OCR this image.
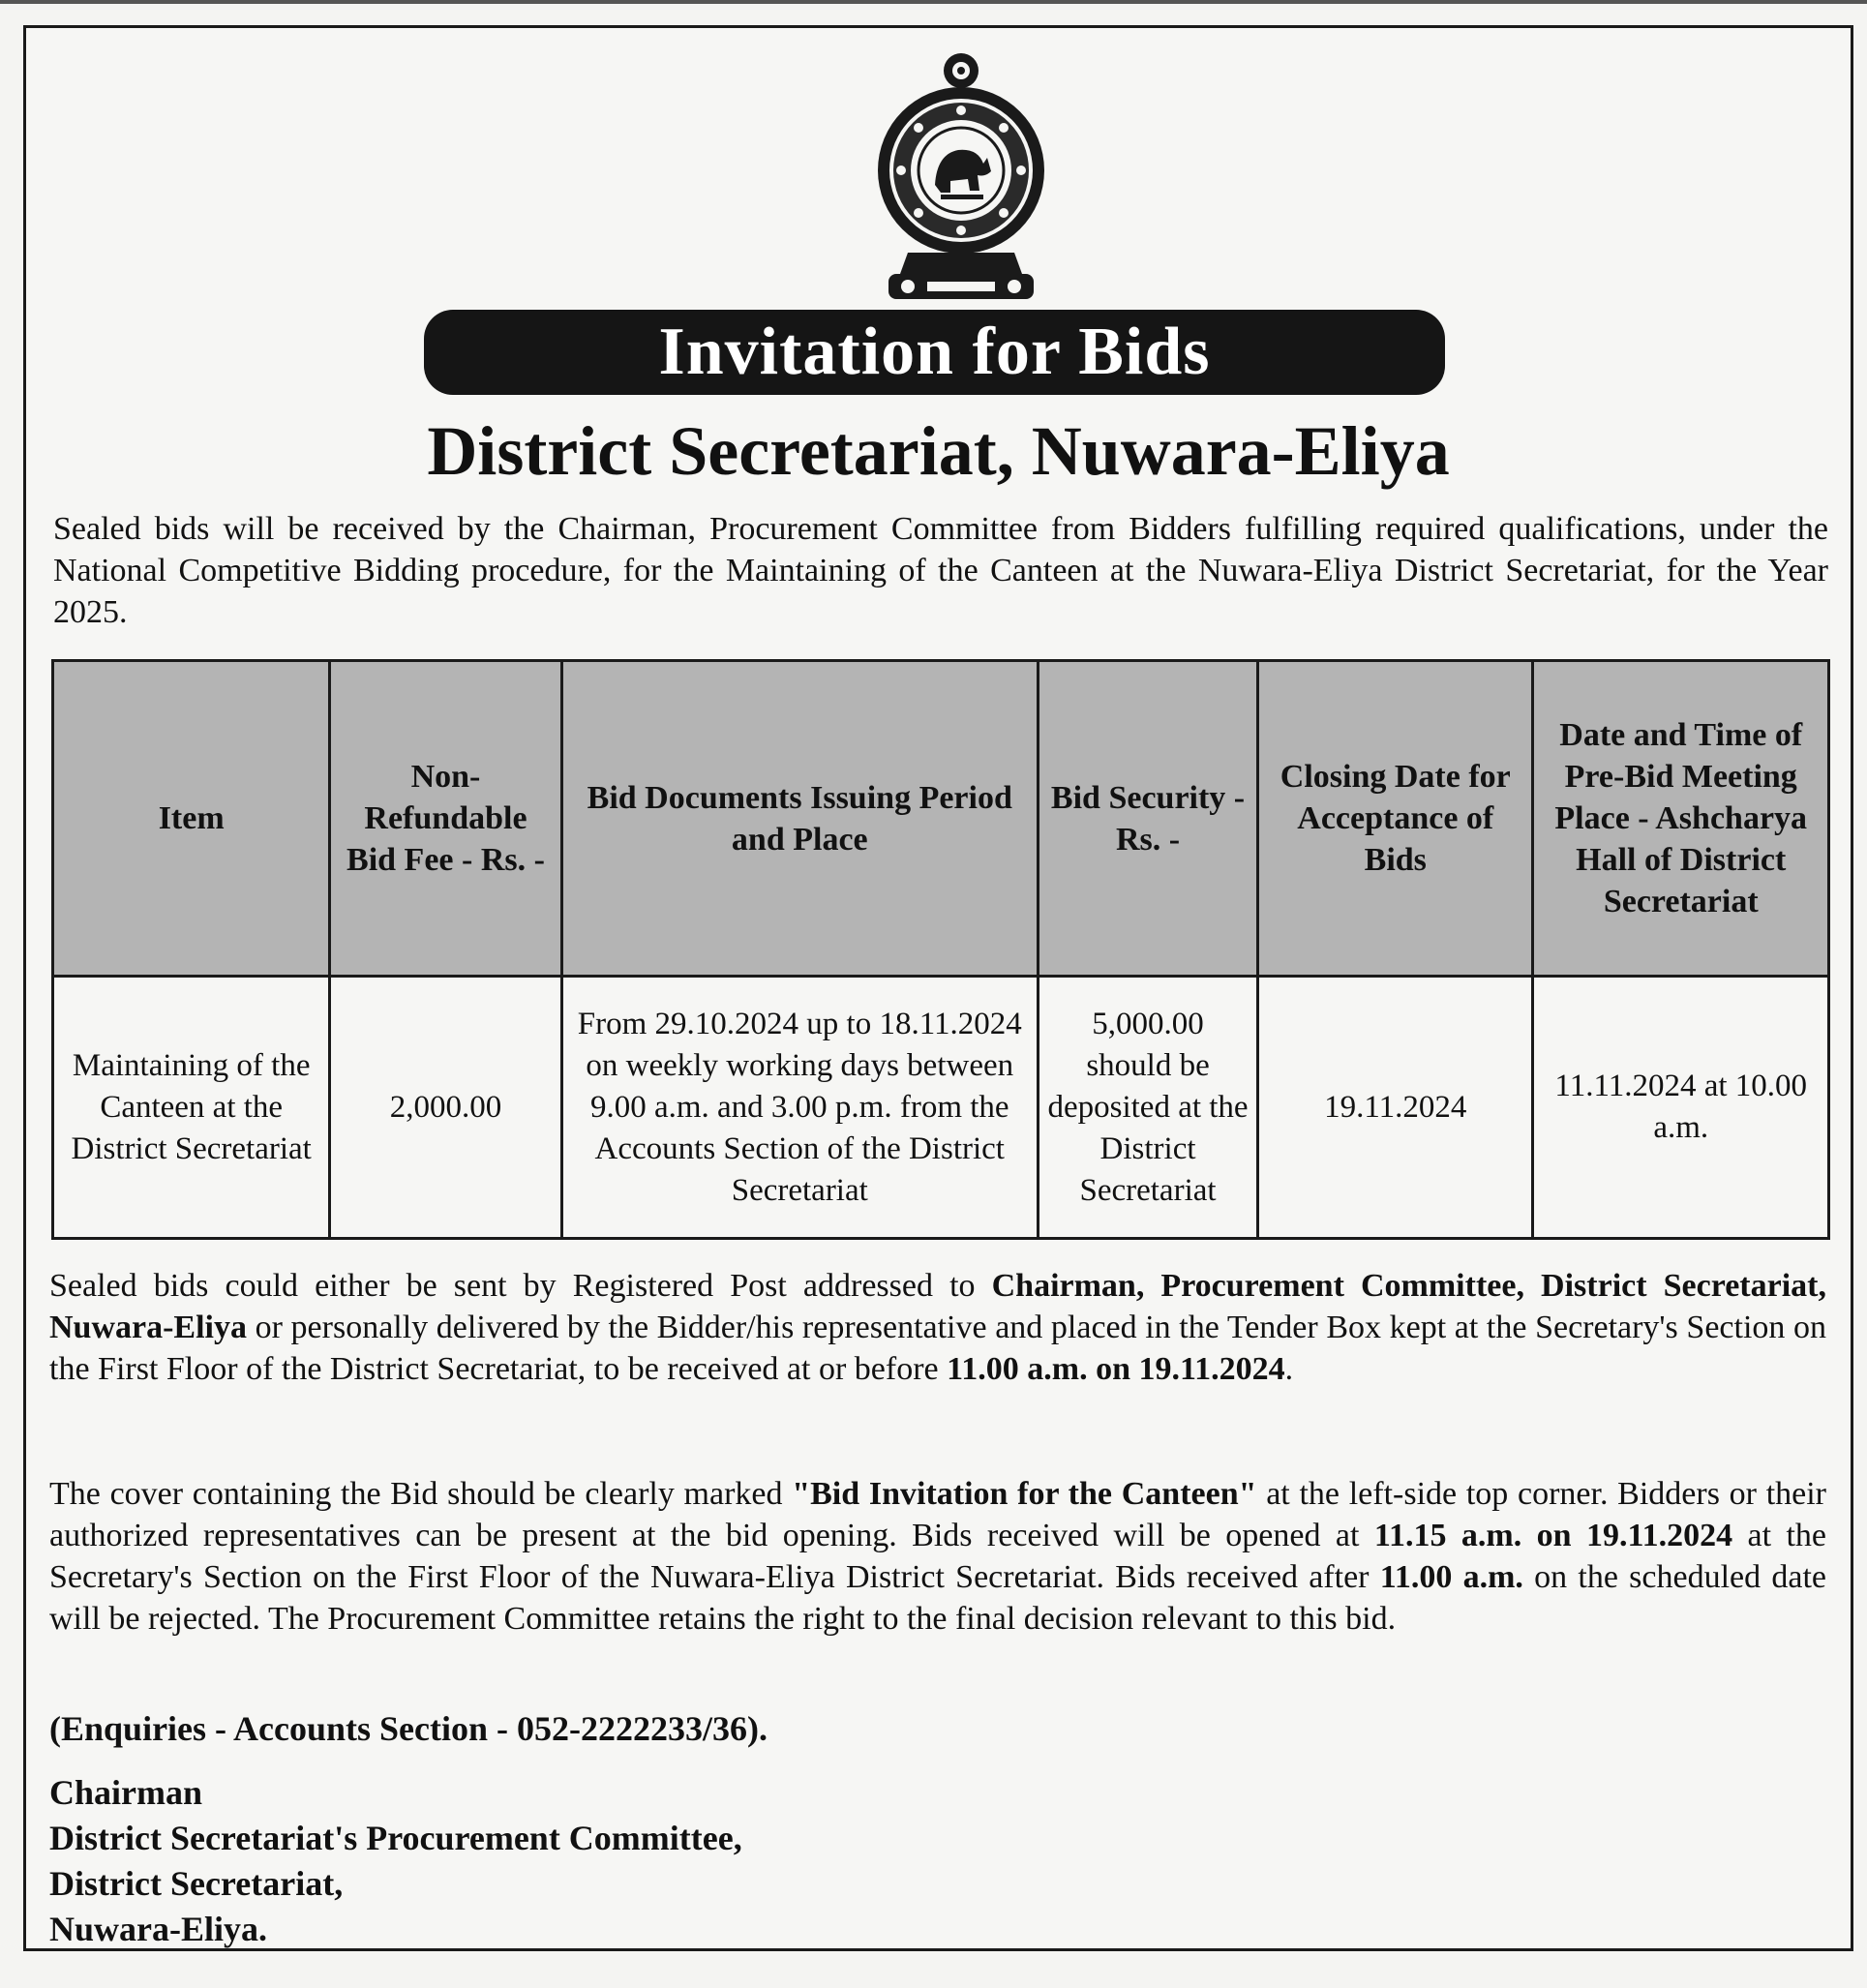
Invitation for Bids
District Secretariat, Nuwara-Eliya
Sealed bids will be received by the Chairman, Procurement Committee from Bidders fulfilling required qualifications, under the National Competitive Bidding procedure, for the Maintaining of the Canteen at the Nuwara-Eliya District Secretariat, for the Year 2025.
Item	Non-Refundable Bid Fee - Rs. -	Bid Documents Issuing Period and Place	Bid Security - Rs. -	Closing Date for Acceptance of Bids	Date and Time of Pre-Bid Meeting Place - Ashcharya Hall of District Secretariat
Maintaining of the Canteen at the District Secretariat	2,000.00	From 29.10.2024 up to 18.11.2024 on weekly working days between 9.00 a.m. and 3.00 p.m. from the Accounts Section of the District Secretariat	5,000.00 should be deposited at the District Secretariat	19.11.2024	11.11.2024 at 10.00 a.m.
Sealed bids could either be sent by Registered Post addressed to Chairman, Procurement Committee, District Secretariat, Nuwara-Eliya or personally delivered by the Bidder/his representative and placed in the Tender Box kept at the Secretary's Section on the First Floor of the District Secretariat, to be received at or before 11.00 a.m. on 19.11.2024.
The cover containing the Bid should be clearly marked "Bid Invitation for the Canteen" at the left-side top corner. Bidders or their authorized representatives can be present at the bid opening. Bids received will be opened at 11.15 a.m. on 19.11.2024 at the Secretary's Section on the First Floor of the Nuwara-Eliya District Secretariat. Bids received after 11.00 a.m. on the scheduled date will be rejected. The Procurement Committee retains the right to the final decision relevant to this bid.
(Enquiries - Accounts Section - 052-2222233/36).
Chairman
District Secretariat's Procurement Committee,
District Secretariat,
Nuwara-Eliya.
